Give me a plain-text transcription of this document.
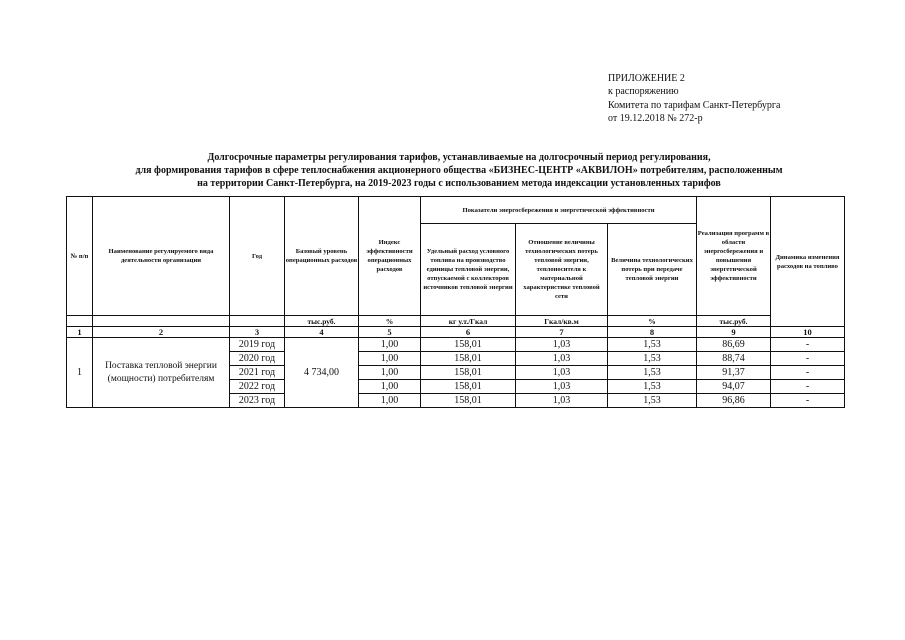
ПРИЛОЖЕНИЕ 2
к распоряжению
Комитета по тарифам Санкт-Петербурга
от 19.12.2018 № 272-р
Долгосрочные параметры регулирования тарифов, устанавливаемые на долгосрочный период регулирования,
для формирования тарифов в сфере теплоснабжения акционерного общества «БИЗНЕС-ЦЕНТР «АКВИЛОН» потребителям, расположенным
на территории Санкт-Петербурга, на 2019-2023 годы с использованием метода индексации установленных тарифов
№ п/п	Наименование регулируемого вида деятельности организации	Год	Базовый уровень операционных расходов	Индекс эффективности операционных расходов	Показатели энергосбережения и энергетической эффективности			Реализация программ в области энергосбережения и повышения энергетической эффективности	Динамика изменения расходов на топливо
					Удельный расход условного топлива на производство единицы тепловой энергии, отпускаемой с коллекторов источников тепловой энергии	Отношение величины технологических потерь тепловой энергии, теплоносителя к материальной характеристике тепловой сети	Величина технологических потерь при передаче тепловой энергии		
			тыс.руб.	%	кг у.т./Гкал	Гкал/кв.м	%	тыс.руб.	
1	2	3	4	5	6	7	8	9	10
1	Поставка тепловой энергии (мощности) потребителям	2019 год	4 734,00	1,00	158,01	1,03	1,53	86,69	-
		2020 год		1,00	158,01	1,03	1,53	88,74	-
		2021 год		1,00	158,01	1,03	1,53	91,37	-
		2022 год		1,00	158,01	1,03	1,53	94,07	-
		2023 год		1,00	158,01	1,03	1,53	96,86	-
